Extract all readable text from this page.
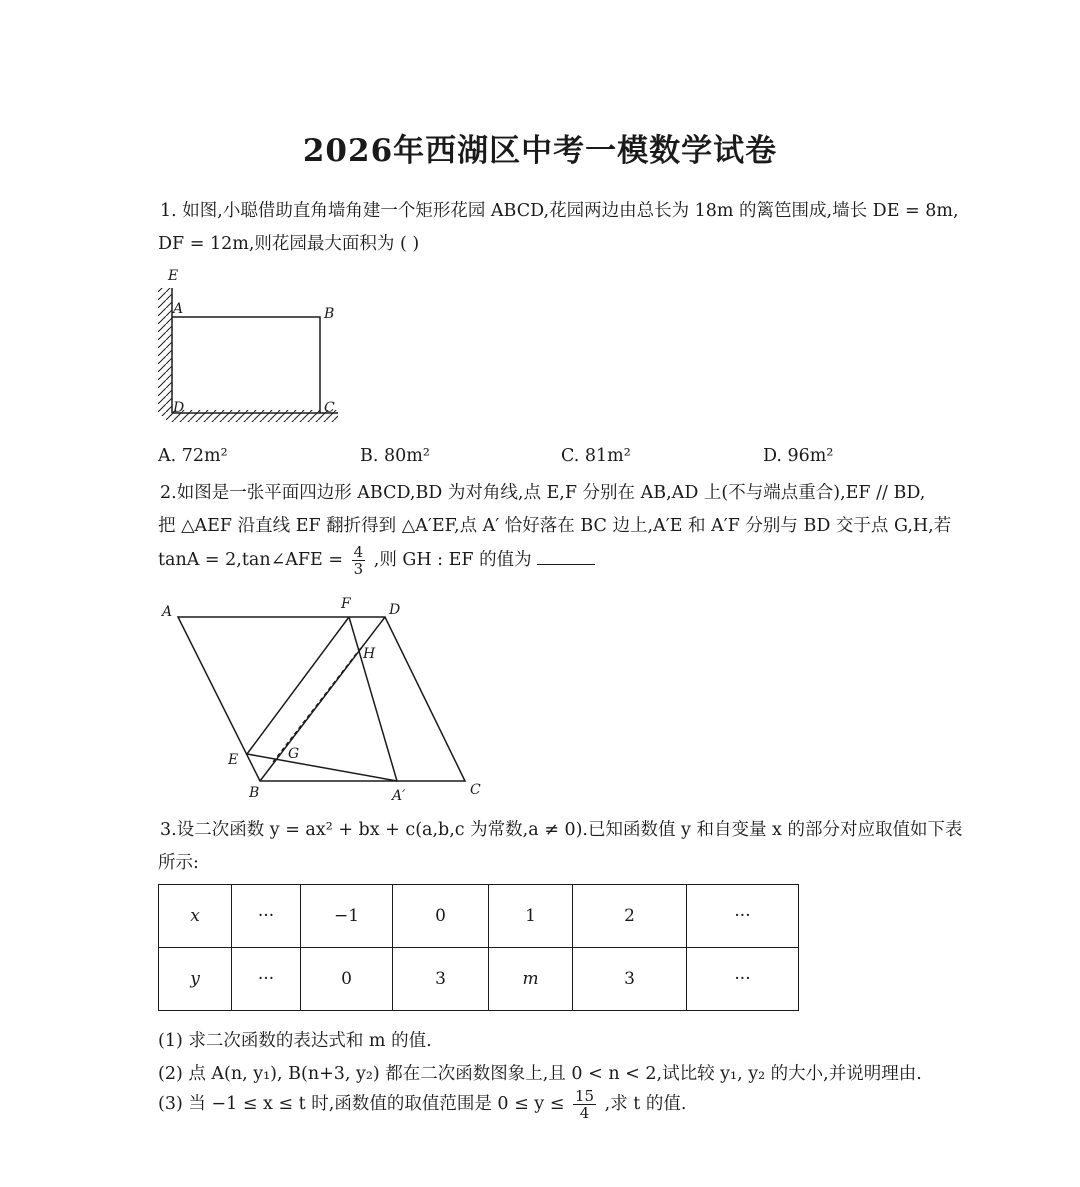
2026年西湖区中考一模数学试卷
1. 如图,小聪借助直角墙角建一个矩形花园 ABCD,花园两边由总长为 18m 的篱笆围成,墙长 DE = 8m,
DF = 12m,则花园最大面积为 ( )
E
A	B
D	C
A. 72m²	B. 80m²	C. 81m²	D. 96m²
2.如图是一张平面四边形 ABCD,BD 为对角线,点 E,F 分别在 AB,AD 上(不与端点重合),EF // BD,
把 △AEF 沿直线 EF 翻折得到 △A′EF,点 A′ 恰好落在 BC 边上,A′E 和 A′F 分别与 BD 交于点 G,H,若
tanA = 2,tan∠AFE = $\frac{4}{3}$ ,则 GH : EF 的值为
A	F	D
H
E	G
B	A′	C
3.设二次函数 y = ax² + bx + c(a,b,c 为常数,a ≠ 0).已知函数值 y 和自变量 x 的部分对应取值如下表
所示:
x	···	−1	0	1	2	···
y	···	0	3	m	3	···
(1) 求二次函数的表达式和 m 的值.
(2) 点 A(n, y₁), B(n+3, y₂) 都在二次函数图象上,且 0 < n < 2,试比较 y₁, y₂ 的大小,并说明理由.
(3) 当 −1 ≤ x ≤ t 时,函数值的取值范围是 $0 \le y \le \frac{15}{4}$ ,求 t 的值.
